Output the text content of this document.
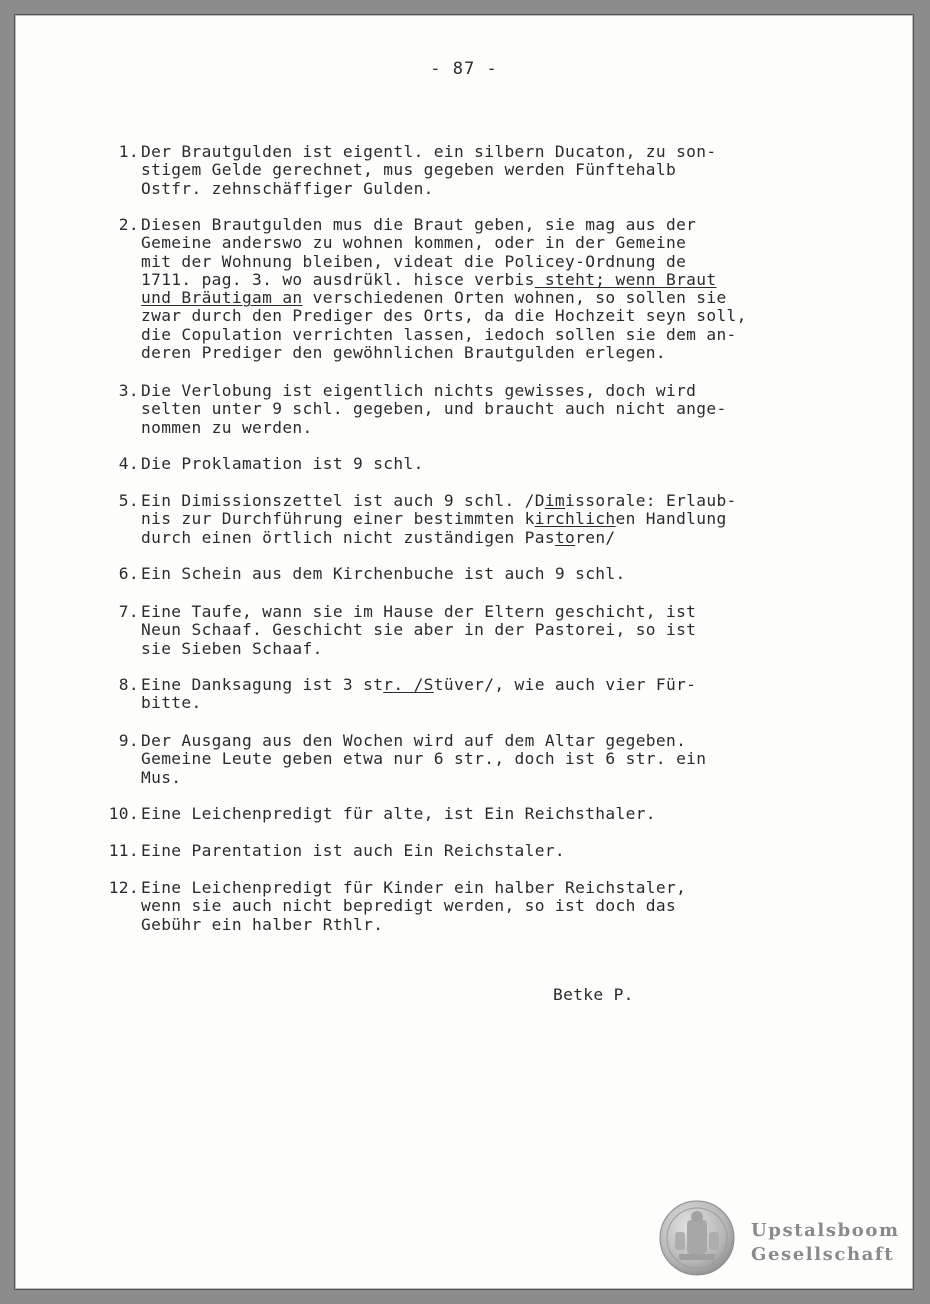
- 87 -
1. Der Brautgulden ist eigentl. ein silbern Ducaton, zu son-
stigem Gelde gerechnet, mus gegeben werden Fünftehalb
Ostfr. zehnschäffiger Gulden.
2. Diesen Brautgulden mus die Braut geben, sie mag aus der
Gemeine anderswo zu wohnen kommen, oder in der Gemeine
mit der Wohnung bleiben, videat die Policey-Ordnung de
1711. pag. 3. wo ausdrükl. hisce verbis steht; wenn Braut
und Bräutigam an verschiedenen Orten wohnen, so sollen sie
zwar durch den Prediger des Orts, da die Hochzeit seyn soll,
die Copulation verrichten lassen, iedoch sollen sie dem an-
deren Prediger den gewöhnlichen Brautgulden erlegen.
3. Die Verlobung ist eigentlich nichts gewisses, doch wird
selten unter 9 schl. gegeben, und braucht auch nicht ange-
nommen zu werden.
4. Die Proklamation ist 9 schl.
5. Ein Dimissionszettel ist auch 9 schl. /Dimissorale: Erlaub-
nis zur Durchführung einer bestimmten kirchlichen Handlung
durch einen örtlich nicht zuständigen Pastoren/
6. Ein Schein aus dem Kirchenbuche ist auch 9 schl.
7. Eine Taufe, wann sie im Hause der Eltern geschicht, ist
Neun Schaaf. Geschicht sie aber in der Pastorei, so ist
sie Sieben Schaaf.
8. Eine Danksagung ist 3 str. /Stüver/, wie auch vier Für-
bitte.
9. Der Ausgang aus den Wochen wird auf dem Altar gegeben.
Gemeine Leute geben etwa nur 6 str., doch ist 6 str. ein
Mus.
10. Eine Leichenpredigt für alte, ist Ein Reichsthaler.
11. Eine Parentation ist auch Ein Reichstaler.
12. Eine Leichenpredigt für Kinder ein halber Reichstaler,
wenn sie auch nicht bepredigt werden, so ist doch das
Gebühr ein halber Rthlr.
Betke P.
Upstalsboom
Gesellschaft
